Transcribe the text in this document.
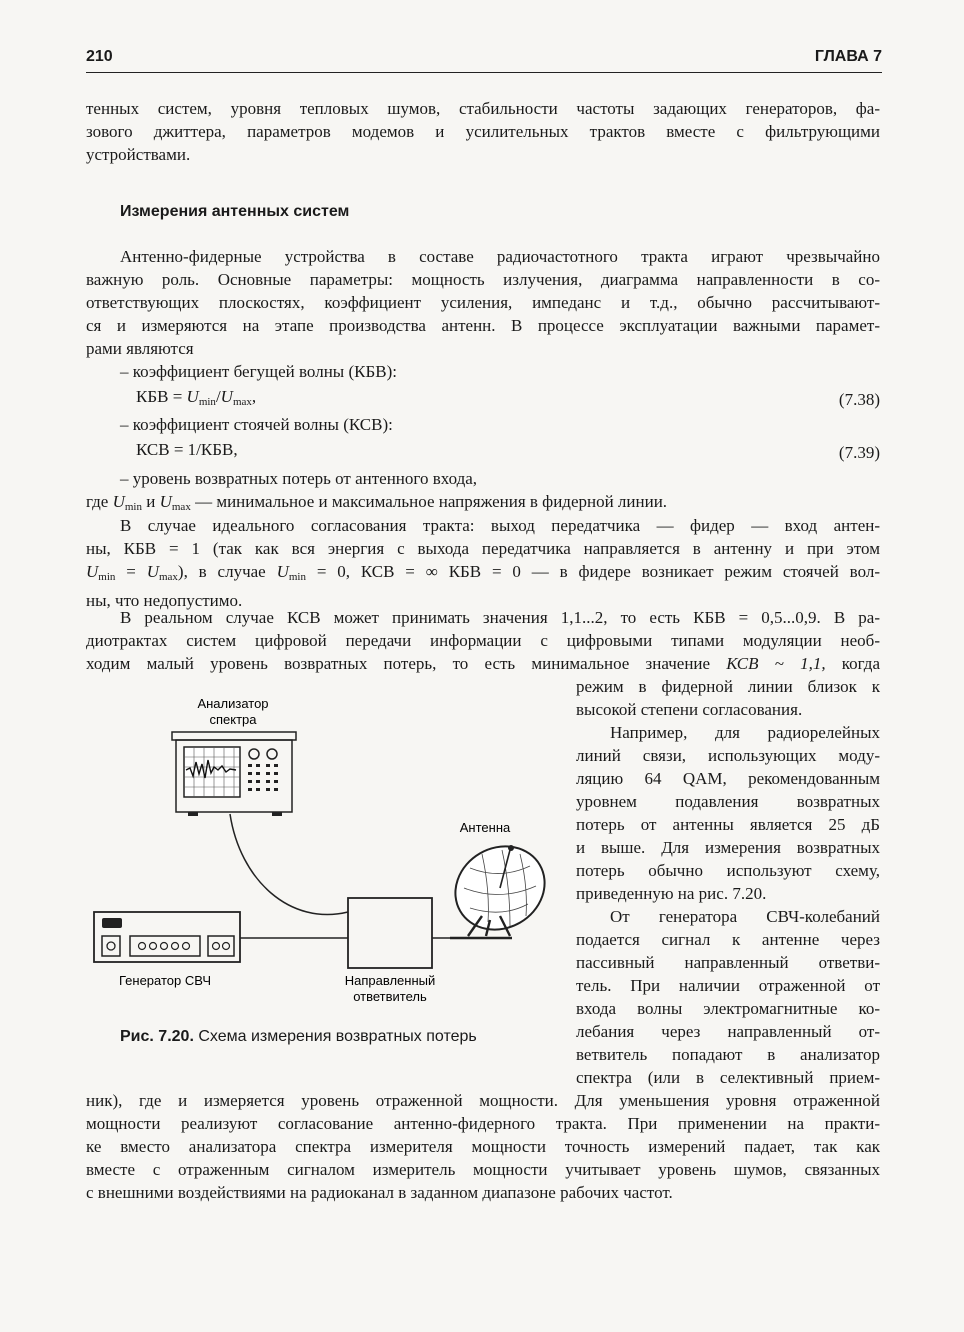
210	ГЛАВА 7
тенных систем, уровня тепловых шумов, стабильности частоты задающих генераторов, фа-
зового джиттера, параметров модемов и усилительных трактов вместе с фильтрующими
устройствами.
Измерения антенных систем
Антенно-фидерные устройства в составе радиочастотного тракта играют чрезвычайно
важную роль. Основные параметры: мощность излучения, диаграмма направленности в со-
ответствующих плоскостях, коэффициент усиления, импеданс и т.д., обычно рассчитывают-
ся и измеряются на этапе производства антенн. В процессе эксплуатации важными парамет-
рами являются
– коэффициент бегущей волны (КБВ):
КБВ = $U_{min}/U_{max}$,	(7.38)
– коэффициент стоячей волны (КСВ):
КСВ = 1/КБВ,	(7.39)
– уровень возвратных потерь от антенного входа,
где $U_{min}$ и $U_{max}$ — минимальное и максимальное напряжения в фидерной линии.
В случае идеального согласования тракта: выход передатчика — фидер — вход антен-
ны, КБВ = 1 (так как вся энергия с выхода передатчика направляется в антенну и при этом
$U_{min} = U_{max}$), в случае $U_{min} = 0$, КСВ = ∞ КБВ = 0 — в фидере возникает режим стоячей вол-
ны, что недопустимо.
В реальном случае КСВ может принимать значения 1,1...2, то есть КБВ = 0,5...0,9. В ра-
диотрактах систем цифровой передачи информации с цифровыми типами модуляции необ-
ходим малый уровень возвратных потерь, то есть минимальное значение КСВ ~ 1,1, когда
режим в фидерной линии близок к
высокой степени согласования.
Например, для радиорелейных
линий связи, использующих моду-
ляцию 64 QAM, рекомендованным
уровнем подавления возвратных
потерь от антенны является 25 дБ
и выше. Для измерения возвратных
потерь обычно используют схему,
приведенную на рис. 7.20.
От генератора СВЧ-колебаний
подается сигнал к антенне через
пассивный направленный ответви-
тель. При наличии отраженной от
входа волны электромагнитные ко-
лебания через направленный от-
ветвитель попадают в анализатор
спектра (или в селективный прием-
ник), где и измеряется уровень отраженной мощности. Для уменьшения уровня отраженной
мощности реализуют согласование антенно-фидерного тракта. При применении на практи-
ке вместо анализатора спектра измерителя мощности точность измерений падает, так как
вместе с отраженным сигналом измеритель мощности учитывает уровень шумов, связанных
с внешними воздействиями на радиоканал в заданном диапазоне рабочих частот.
Анализатор
спектра
Генератор СВЧ	Направленный
ответвитель
Антенна
Рис. 7.20. Схема измерения возвратных потерь
